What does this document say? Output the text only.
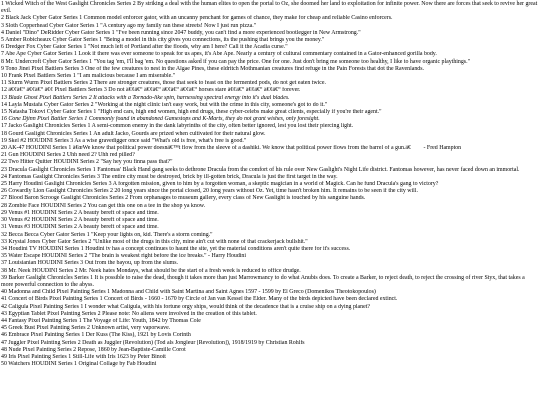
1 Wicked Witch of the West Gaslight Chronicles Series 2 By striking a deal with the human elites to open the portal to Oz, she doomed her land to exploitation for infinite power. Now there are forces that seek to revive her great evil.
2 Black Jack Cyber Gator Series 1 Common model enforcer gator, with an uncanny penchant for games of chance, they make for cheap and reliable Casino enforcers.
3 Sloth Copperhead Cyber Gator Series 1 "A century ago my family ran these streets! Now I just run pizza."
4 Daniel "Dino" DeRidder Cyber Gator Series 1 "I've been running since 2047 buddy, you can't find a more experienced bootlegger in New Armstrong."
5 Amber Robicheaux Cyber Gator Series 1 "Being a model in this city gives you connections, its the pushing that brings you the money."
6 Dredger Fox Cyber Gator Series 1 "Not much left of Portland after the floods, why am I here? Call it the Acadia curse."
7 Abe Ape Cyber Gator Series 1 Look if there was ever someone to speak for us apes, it's Abe Ape. Nearly a century of cultural commentary contained in a Gator-enhanced gorilla body.
8 Mr. Undercroft Cyber Gator Series 1 "You tag 'em, I'll bag 'em. No questions asked if you can pay the price. One for one. Just don't bring me someone too healthy, I like to have organic playthings."
9 Tono Jinei Pixel Battlers Series 3 One of the few creatures to nest in the Algae Pines, these eldritch Mothmanian creatures find refuge in the Pain Forests that dot the Ravenlands.
10 Frank Pixel Battlers Series 1 "I am malicious because I am miserable."
11 Slurm Wurm Pixel Battlers Series 2 There are stronger creatures, those that seek to feast on the fermented pods, do not get eaten twice.
12 â€¢â€“ â€¢â€“ â€¢ Pixel Battlers Series 3 Do not â€¢â€“ â€¢â€“ â€¢â€“ â€¢â€“ horses stare â€¢â€“ â€¢â€“ â€¢â€“ forever.
13 Blade Ghost Pixel Battlers Series 2 It attacks with a Tornado-like spin, harnessing spectral energy into it's dual blades.
14 Layla Mustafa Cyber Gator Series 2 "Working at the night clinic isn't easy work, but with the crime in this city, someone's got to do it."
15 Natasha Tokovi Cyber Gator Series 1 "High end cars, high end women, high end drugs, these cyber-celebs make great clients, especially if you're their agent."
16 Cone Djinn Pixel Battler Series 1 Commonly found in abandoned Gamestops and K-Marts, they do not grant wishes, only foresight.
17 Jacko Gaslight Chronicles Series 1 A semi-common enemy in the dank labyrinths of the city, often better ignored, lest you lost their piercing light.
18 Gourd Gaslight Chronicles Series 1 An adult Jacko, Gourds are prized when cultivated for their natural glow.
19 Skel #2 HOUDINI Series 3 As a wise gravedigger once said "What's old is free, what's free is good."
20 AK-47 HOUDINI Series 1 â€œWe know that political power doesnâ€™t flow from the sleeve of a dashiki. We know that political power flows from the barrel of a gun.â€ - Fred Hampton
21 Gun HOUDINI Series 2 Uhh need 2? Uhh red pilled?
22 Two Hitter Quitter HOUDINI Series 2 "Say hey you finna pass that?"
23 Dracula Gaslight Chronicles Series 1 Fantomas' Black Hand gang seeks to dethrone Dracula from the comfort of his rule over New Gaslight's Night Life district. Fantomas however, has never faced down an immortal.
24 Fantomas Gaslight Chronicles Series 3 The entire city must be destroyed, brick by ill-gotten brick, Dracula is just the first target in the way.
25 Harry Houdini Gaslight Chronicles Series 3 A forgotten mission, given to him by a forgotten woman, a skeptic magician in a world of Magick. Can he fund Dracula's gang to victory?
26 Cowardly Lion Gaslight Chronicles Series 2 20 long years since the portal closed, 20 long years without Oz. Yet, time hasn't broken him. It remains to be seen if the city will.
27 Blood Baron Scrooge Gaslight Chronicles Series 2 From orphanages to museum gallery, every class of New Gaslight is touched by his sanguine hands.
28 Zombie Face HOUDINI Series 2 You can get this one on a tee in the shop ya know.
29 Venus #1 HOUDINI Series 2 A beauty bereft of space and time.
30 Venus #2 HOUDINI Series 2 A beauty bereft of space and time.
31 Venus #3 HOUDINI Series 2 A beauty bereft of space and time.
32 Becca Becca Cyber Gator Series 1 "Keep your lights on, kid. There's a storm coming."
33 Krystal Jones Cyber Gator Series 2 "Unlike most of the drugs in this city, mine ain't cut with none of that crackerjack bullshit."
34 Houdini TV HOUDINI Series 1 Houdini tv has a concept continues to haunt the site, yet the material conditions aren't quite there for it's success.
35 Water Escape HOUDINI Series 2 "The brain is weakest right before the ice breaks." - Harry Houdini
37 Louisianian HOUDINI Series 3 Out from the bayou, up from the slums.
38 Mr. Neek HOUDINI Series 2 Mr. Neek hates Mondays, what should be the start of a fresh week is reduced to office drudge.
39 Barker Gaslight Chronicles Series 1 It is possible to raise the dead, though it takes more than just Marrowmancy to do what Anubis does. To create a Barker, to reject death, to reject the crossing of river Styx, that takes a more powerful connection to the abyss.
40 Madonna and Child Pixel Painting Series 1 Madonna and Child with Saint Martina and Saint Agnes 1597 - 1599 by El Greco (Domenikos Theotokopoulos)
41 Concert of Birds Pixel Painting Series 1 Concert of Birds - 1660 - 1670 by Circle of Jan van Kessel the Elder. Many of the birds depicted have been declared extinct.
42 Caligula Pixel Painting Series 1 I wonder what Caligula, with his fortune orgy ships, would think of the decadence that is a cruise ship on a dying planet?
43 Egyptian Tablet Pixel Painting Series 2 Please note: No aliens were involved in the creation of this tablet.
44 Fantasy Pixel Painting Series 1 The Voyage of Life: Youth, 1842 by Thomas Cole
45 Greek Bust Pixel Painting Series 2 Unknown artist, very vaporwave.
46 Embrace Pixel Painting Series 1 Der Kuss (The Kiss), 1921 by Lovis Corinth
47 Juggler Pixel Painting Series 2 Death as Juggler (Revolution) (Tod als Jongleur [Revolution]), 1918/1919 by Christian Rohlfs
48 Nude Pixel Painting Series 2 Repose, 1860 by Jean-Baptiste-Camille Corot
49 Iris Pixel Painting Series 1 Still-Life with Iris 1623 by Peter Binoit
50 Watchers HOUDINI Series 1 Original Collage by Fab Houdini
